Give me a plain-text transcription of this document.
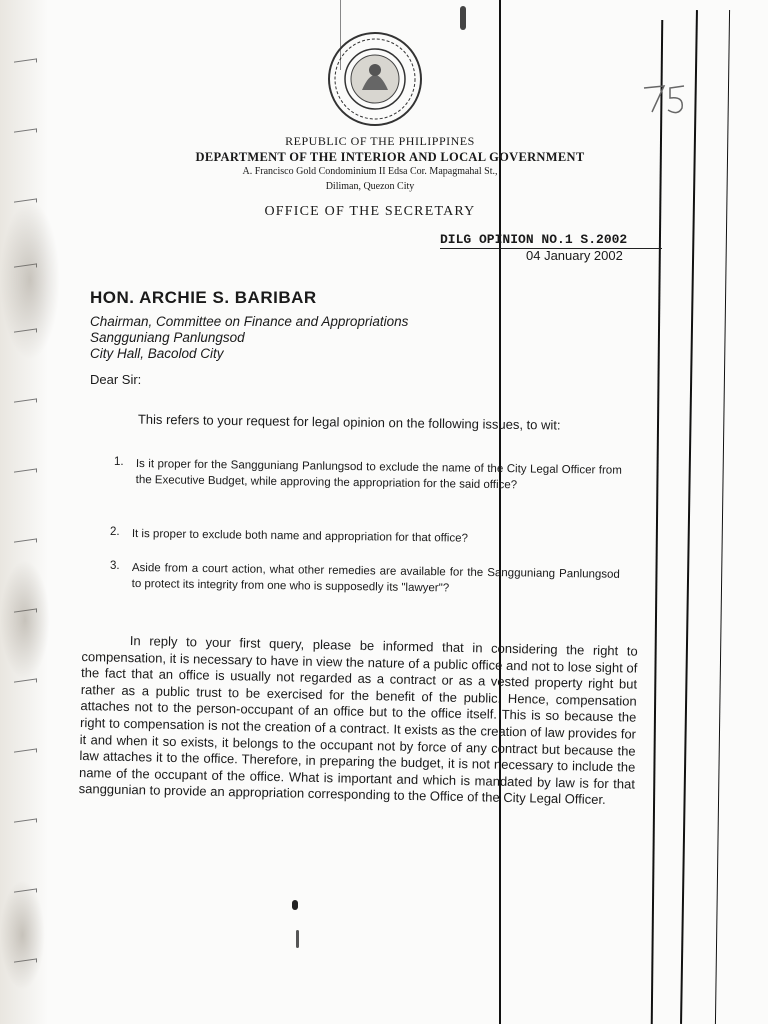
REPUBLIC OF THE PHILIPPINES
DEPARTMENT OF THE INTERIOR AND LOCAL GOVERNMENT
A. Francisco Gold Condominium II Edsa Cor. Mapagmahal St.,
Diliman, Quezon City
OFFICE OF THE SECRETARY
DILG OPINION NO.1 S.2002
04 January 2002
HON. ARCHIE S. BARIBAR
Chairman, Committee on Finance and Appropriations
Sangguniang Panlungsod
City Hall, Bacolod City
Dear Sir:
This refers to your request for legal opinion on the following issues, to wit:
1. Is it proper for the Sangguniang Panlungsod to exclude the name of the City Legal Officer from the Executive Budget, while approving the appropriation for the said office?
2. It is proper to exclude both name and appropriation for that office?
3. Aside from a court action, what other remedies are available for the Sangguniang Panlungsod to protect its integrity from one who is supposedly its "lawyer"?
In reply to your first query, please be informed that in considering the right to compensation, it is necessary to have in view the nature of a public office and not to lose sight of the fact that an office is usually not regarded as a contract or as a vested property right but rather as a public trust to be exercised for the benefit of the public. Hence, compensation attaches not to the person-occupant of an office but to the office itself. This is so because the right to compensation is not the creation of a contract. It exists as the creation of law provides for it and when it so exists, it belongs to the occupant not by force of any contract but because the law attaches it to the office. Therefore, in preparing the budget, it is not necessary to include the name of the occupant of the office. What is important and which is mandated by law is for that sanggunian to provide an appropriation corresponding to the Office of the City Legal Officer.
